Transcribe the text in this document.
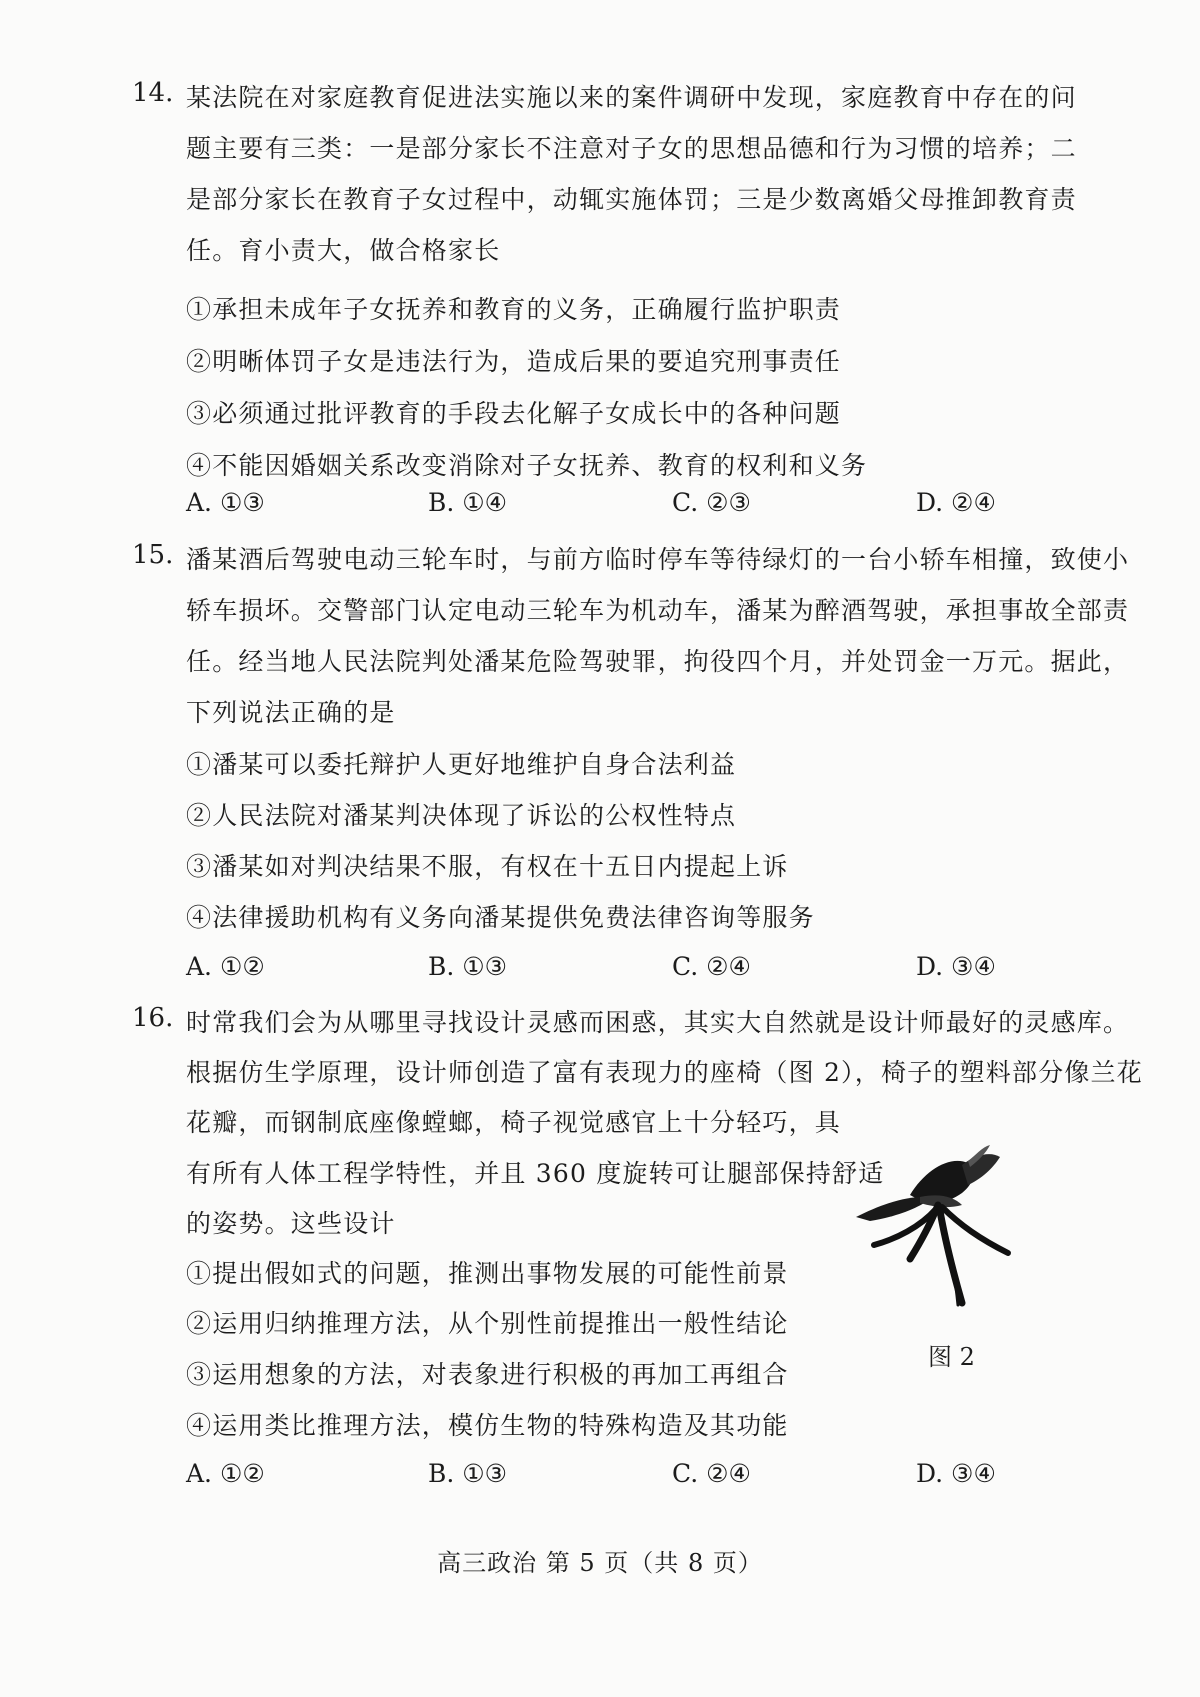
14. 某法院在对家庭教育促进法实施以来的案件调研中发现，家庭教育中存在的问
题主要有三类：一是部分家长不注意对子女的思想品德和行为习惯的培养；二
是部分家长在教育子女过程中，动辄实施体罚；三是少数离婚父母推卸教育责
任。育小责大，做合格家长
①承担未成年子女抚养和教育的义务，正确履行监护职责
②明晰体罚子女是违法行为，造成后果的要追究刑事责任
③必须通过批评教育的手段去化解子女成长中的各种问题
④不能因婚姻关系改变消除对子女抚养、教育的权利和义务
A. ①③	B. ①④	C. ②③	D. ②④
15. 潘某酒后驾驶电动三轮车时，与前方临时停车等待绿灯的一台小轿车相撞，致使小
轿车损坏。交警部门认定电动三轮车为机动车，潘某为醉酒驾驶，承担事故全部责
任。经当地人民法院判处潘某危险驾驶罪，拘役四个月，并处罚金一万元。据此，
下列说法正确的是
①潘某可以委托辩护人更好地维护自身合法利益
②人民法院对潘某判决体现了诉讼的公权性特点
③潘某如对判决结果不服，有权在十五日内提起上诉
④法律援助机构有义务向潘某提供免费法律咨询等服务
A. ①②	B. ①③	C. ②④	D. ③④
16. 时常我们会为从哪里寻找设计灵感而困惑，其实大自然就是设计师最好的灵感库。
根据仿生学原理，设计师创造了富有表现力的座椅（图 2），椅子的塑料部分像兰花
花瓣，而钢制底座像螳螂，椅子视觉感官上十分轻巧，具
有所有人体工程学特性，并且 360 度旋转可让腿部保持舒适
的姿势。这些设计
①提出假如式的问题，推测出事物发展的可能性前景
②运用归纳推理方法，从个别性前提推出一般性结论
③运用想象的方法，对表象进行积极的再加工再组合
④运用类比推理方法，模仿生物的特殊构造及其功能
A. ①②	B. ①③	C. ②④	D. ③④
图 2
高三政治 第 5 页（共 8 页）
